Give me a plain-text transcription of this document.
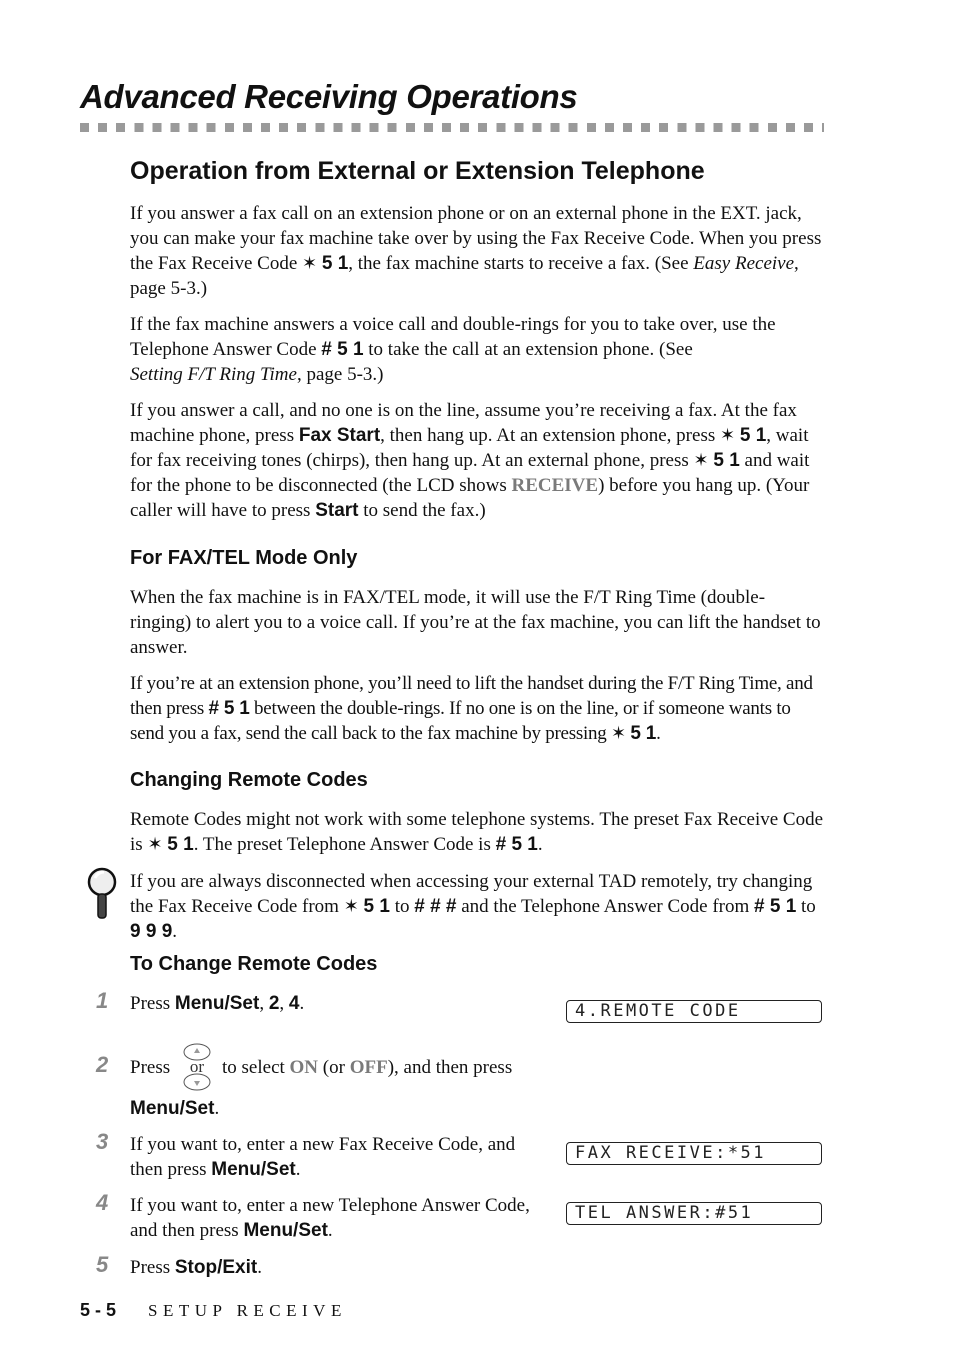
Advanced Receiving Operations
Operation from External or Extension Telephone

If you answer a fax call on an extension phone or on an external phone in the EXT. jack, you can make your fax machine take over by using the Fax Receive Code. When you press the Fax Receive Code ✶ 5 1, the fax machine starts to receive a fax. (See Easy Receive, page 5-3.)

If the fax machine answers a voice call and double-rings for you to take over, use the Telephone Answer Code # 5 1 to take the call at an extension phone. (See
Setting F/T Ring Time, page 5-3.)

If you answer a call, and no one is on the line, assume you’re receiving a fax. At the fax machine phone, press Fax Start, then hang up. At an extension phone, press ✶ 5 1, wait for fax receiving tones (chirps), then hang up. At an external phone, press ✶ 5 1 and wait for the phone to be disconnected (the LCD shows RECEIVE) before you hang up. (Your caller will have to press Start to send the fax.)

For FAX/TEL Mode Only

When the fax machine is in FAX/TEL mode, it will use the F/T Ring Time (double-ringing) to alert you to a voice call. If you’re at the fax machine, you can lift the handset to answer.

If you’re at an extension phone, you’ll need to lift the handset during the F/T Ring Time, and then press # 5 1 between the double-rings. If no one is on the line, or if someone wants to send you a fax, send the call back to the fax machine by pressing ✶ 5 1.

Changing Remote Codes

Remote Codes might not work with some telephone systems. The preset Fax Receive Code is ✶ 5 1. The preset Telephone Answer Code is # 5 1.

If you are always disconnected when accessing your external TAD remotely, try changing the Fax Receive Code from ✶ 5 1 to # # # and the Telephone Answer Code from # 5 1 to 9 9 9.

To Change Remote Codes
1 Press Menu/Set, 2, 4.	4.REMOTE CODE
2 Press	or to select ON (or OFF), and then press

Menu/Set.

3 If you want to, enter a new Fax Receive Code, and then press Menu/Set.

FAX RECEIVE:*51
4 If you want to, enter a new Telephone Answer Code, and then press Menu/Set.

TEL ANSWER:#51
5 Press Stop/Exit.

5 - 5 SETUP RECEIVE
